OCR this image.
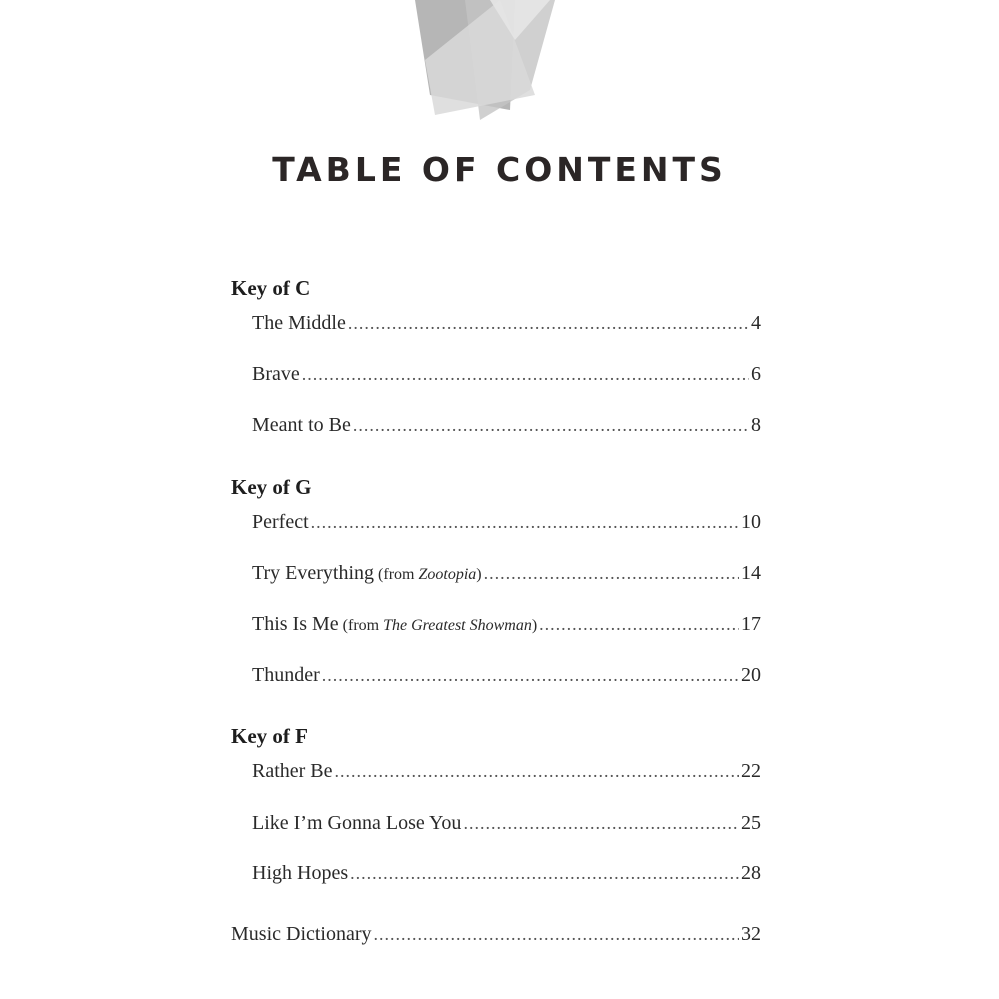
TABLE OF CONTENTS
Key of C
The Middle .....	4
Brave .....	6
Meant to Be .....	8
Key of G
Perfect .....	10
Try Everything (from Zootopia) .....	14
This Is Me (from The Greatest Showman) .....	17
Thunder .....	20
Key of F
Rather Be .....	22
Like I’m Gonna Lose You .....	25
High Hopes .....	28
Music Dictionary .....	32
